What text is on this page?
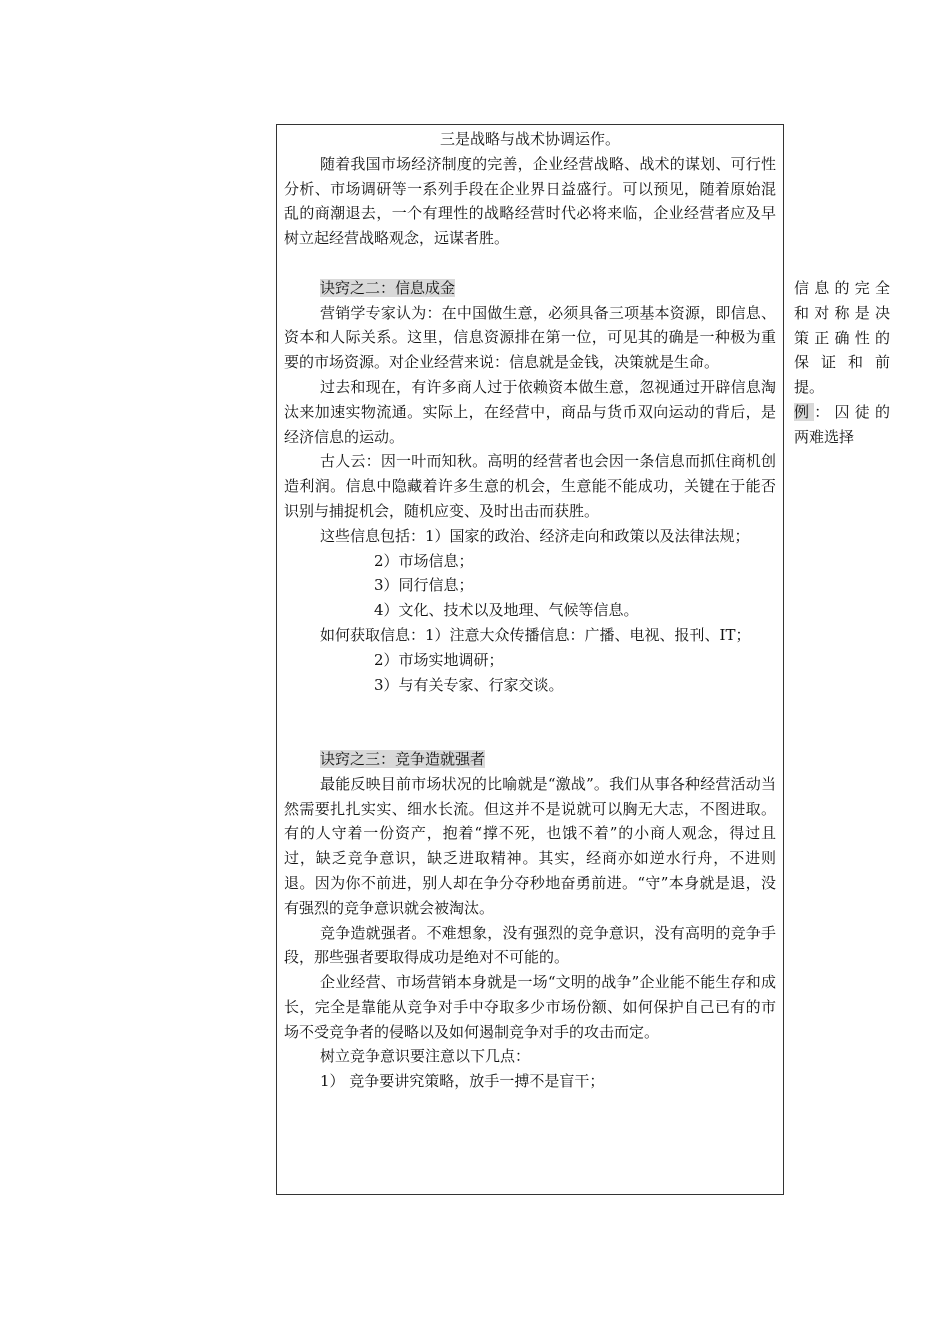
三是战略与战术协调运作。

随着我国市场经济制度的完善，企业经营战略、战术的谋划、可行性分析、市场调研等一系列手段在企业界日益盛行。可以预见，随着原始混乱的商潮退去，一个有理性的战略经营时代必将来临，企业经营者应及早树立起经营战略观念，远谋者胜。

诀窍之二：信息成金

营销学专家认为：在中国做生意，必须具备三项基本资源，即信息、资本和人际关系。这里，信息资源排在第一位，可见其的确是一种极为重要的市场资源。对企业经营来说：信息就是金钱，决策就是生命。

过去和现在，有许多商人过于依赖资本做生意，忽视通过开辟信息淘汰来加速实物流通。实际上，在经营中，商品与货币双向运动的背后，是经济信息的运动。

古人云：因一叶而知秋。高明的经营者也会因一条信息而抓住商机创造利润。信息中隐藏着许多生意的机会，生意能不能成功，关键在于能否识别与捕捉机会，随机应变、及时出击而获胜。

这些信息包括：1）国家的政治、经济走向和政策以及法律法规；

2）市场信息；

3）同行信息；

4）文化、技术以及地理、气候等信息。

如何获取信息：1）注意大众传播信息：广播、电视、报刊、IT；

2）市场实地调研；

3）与有关专家、行家交谈。

诀窍之三：竞争造就强者

最能反映目前市场状况的比喻就是“激战”。我们从事各种经营活动当然需要扎扎实实、细水长流。但这并不是说就可以胸无大志，不图进取。有的人守着一份资产，抱着“撑不死，也饿不着”的小商人观念，得过且过，缺乏竞争意识，缺乏进取精神。其实，经商亦如逆水行舟，不进则退。因为你不前进，别人却在争分夺秒地奋勇前进。“守”本身就是退，没有强烈的竞争意识就会被淘汰。

竞争造就强者。不难想象，没有强烈的竞争意识，没有高明的竞争手段，那些强者要取得成功是绝对不可能的。

企业经营、市场营销本身就是一场“文明的战争”企业能不能生存和成长，完全是靠能从竞争对手中夺取多少市场份额、如何保护自己已有的市场不受竞争者的侵略以及如何遏制竞争对手的攻击而定。

树立竞争意识要注意以下几点：

1） 竞争要讲究策略，放手一搏不是盲干；

信息的完全

和对称是决

策正确性的

保证和前

提。

例：囚徒的

两难选择
